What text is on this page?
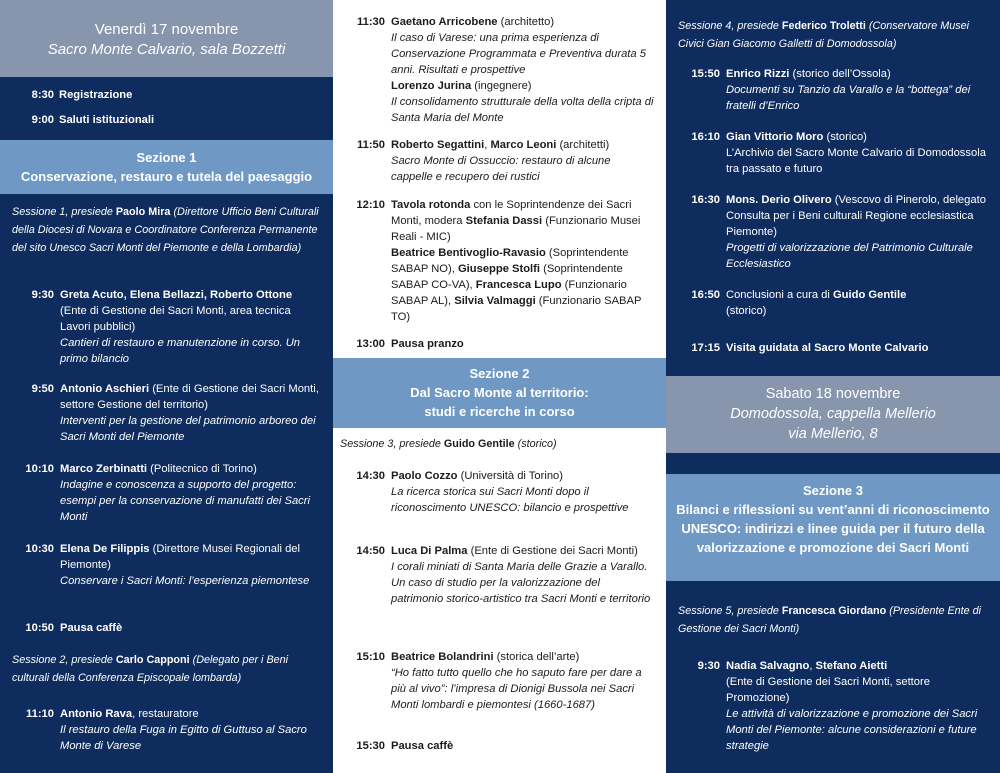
Venerdì 17 novembre
Sacro Monte Calvario, sala Bozzetti
8:30 Registrazione
9:00 Saluti istituzionali
Sezione 1
Conservazione, restauro e tutela del paesaggio
Sessione 1, presiede Paolo Mira (Direttore Ufficio Beni Culturali della Diocesi di Novara e Coordinatore Conferenza Permanente del sito Unesco Sacri Monti del Piemonte e della Lombardia)
9:30 Greta Acuto, Elena Bellazzi, Roberto Ottone
(Ente di Gestione dei Sacri Monti, area tecnica Lavori pubblici)
Cantieri di restauro e manutenzione in corso. Un primo bilancio
9:50 Antonio Aschieri (Ente di Gestione dei Sacri Monti, settore Gestione del territorio)
Interventi per la gestione del patrimonio arboreo dei Sacri Monti del Piemonte
10:10 Marco Zerbinatti (Politecnico di Torino)
Indagine e conoscenza a supporto del progetto: esempi per la conservazione di manufatti dei Sacri Monti
10:30 Elena De Filippis (Direttore Musei Regionali del Piemonte)
Conservare i Sacri Monti: l’esperienza piemontese
10:50 Pausa caffè
Sessione 2, presiede Carlo Capponi (Delegato per i Beni culturali della Conferenza Episcopale lombarda)
11:10 Antonio Rava, restauratore
Il restauro della Fuga in Egitto di Guttuso al Sacro Monte di Varese
11:30 Gaetano Arricobene (architetto)
Il caso di Varese: una prima esperienza di Conservazione Programmata e Preventiva durata 5 anni. Risultati e prospettive
Lorenzo Jurina (ingegnere)
Il consolidamento strutturale della volta della cripta di Santa Maria del Monte
11:50 Roberto Segattini, Marco Leoni (architetti)
Sacro Monte di Ossuccio: restauro di alcune cappelle e recupero dei rustici
12:10 Tavola rotonda con le Soprintendenze dei Sacri Monti, modera Stefania Dassi (Funzionario Musei Reali - MIC)
Beatrice Bentivoglio-Ravasio (Soprintendente SABAP NO), Giuseppe Stolfi (Soprintendente SABAP CO-VA), Francesca Lupo (Funzionario SABAP AL), Silvia Valmaggi (Funzionario SABAP TO)
13:00 Pausa pranzo
Sezione 2
Dal Sacro Monte al territorio:
studi e ricerche in corso
Sessione 3, presiede Guido Gentile (storico)
14:30 Paolo Cozzo (Università di Torino)
La ricerca storica sui Sacri Monti dopo il riconoscimento UNESCO: bilancio e prospettive
14:50 Luca Di Palma (Ente di Gestione dei Sacri Monti)
I corali miniati di Santa Maria delle Grazie a Varallo. Un caso di studio per la valorizzazione del patrimonio storico-artistico tra Sacri Monti e territorio
15:10 Beatrice Bolandrini (storica dell’arte)
“Ho fatto tutto quello che ho saputo fare per dare a più al vivo”: l’impresa di Dionigi Bussola nei Sacri Monti lombardi e piemontesi (1660-1687)
15:30 Pausa caffè
Sessione 4, presiede Federico Troletti (Conservatore Musei Civici Gian Giacomo Galletti di Domodossola)
15:50 Enrico Rizzi (storico dell’Ossola)
Documenti su Tanzio da Varallo e la “bottega” dei fratelli d’Enrico
16:10 Gian Vittorio Moro (storico)
L’Archivio del Sacro Monte Calvario di Domodossola tra passato e futuro
16:30 Mons. Derio Olivero (Vescovo di Pinerolo, delegato Consulta per i Beni culturali Regione ecclesiastica Piemonte)
Progetti di valorizzazione del Patrimonio Culturale Ecclesiastico
16:50 Conclusioni a cura di Guido Gentile
(storico)
17:15 Visita guidata al Sacro Monte Calvario
Sabato 18 novembre
Domodossola, cappella Mellerio
via Mellerio, 8
Sezione 3
Bilanci e riflessioni su vent’anni di riconoscimento UNESCO: indirizzi e linee guida per il futuro della valorizzazione e promozione dei Sacri Monti
Sessione 5, presiede Francesca Giordano (Presidente Ente di Gestione dei Sacri Monti)
9:30 Nadia Salvagno, Stefano Aietti
(Ente di Gestione dei Sacri Monti, settore Promozione)
Le attività di valorizzazione e promozione dei Sacri Monti del Piemonte: alcune considerazioni e future strategie
